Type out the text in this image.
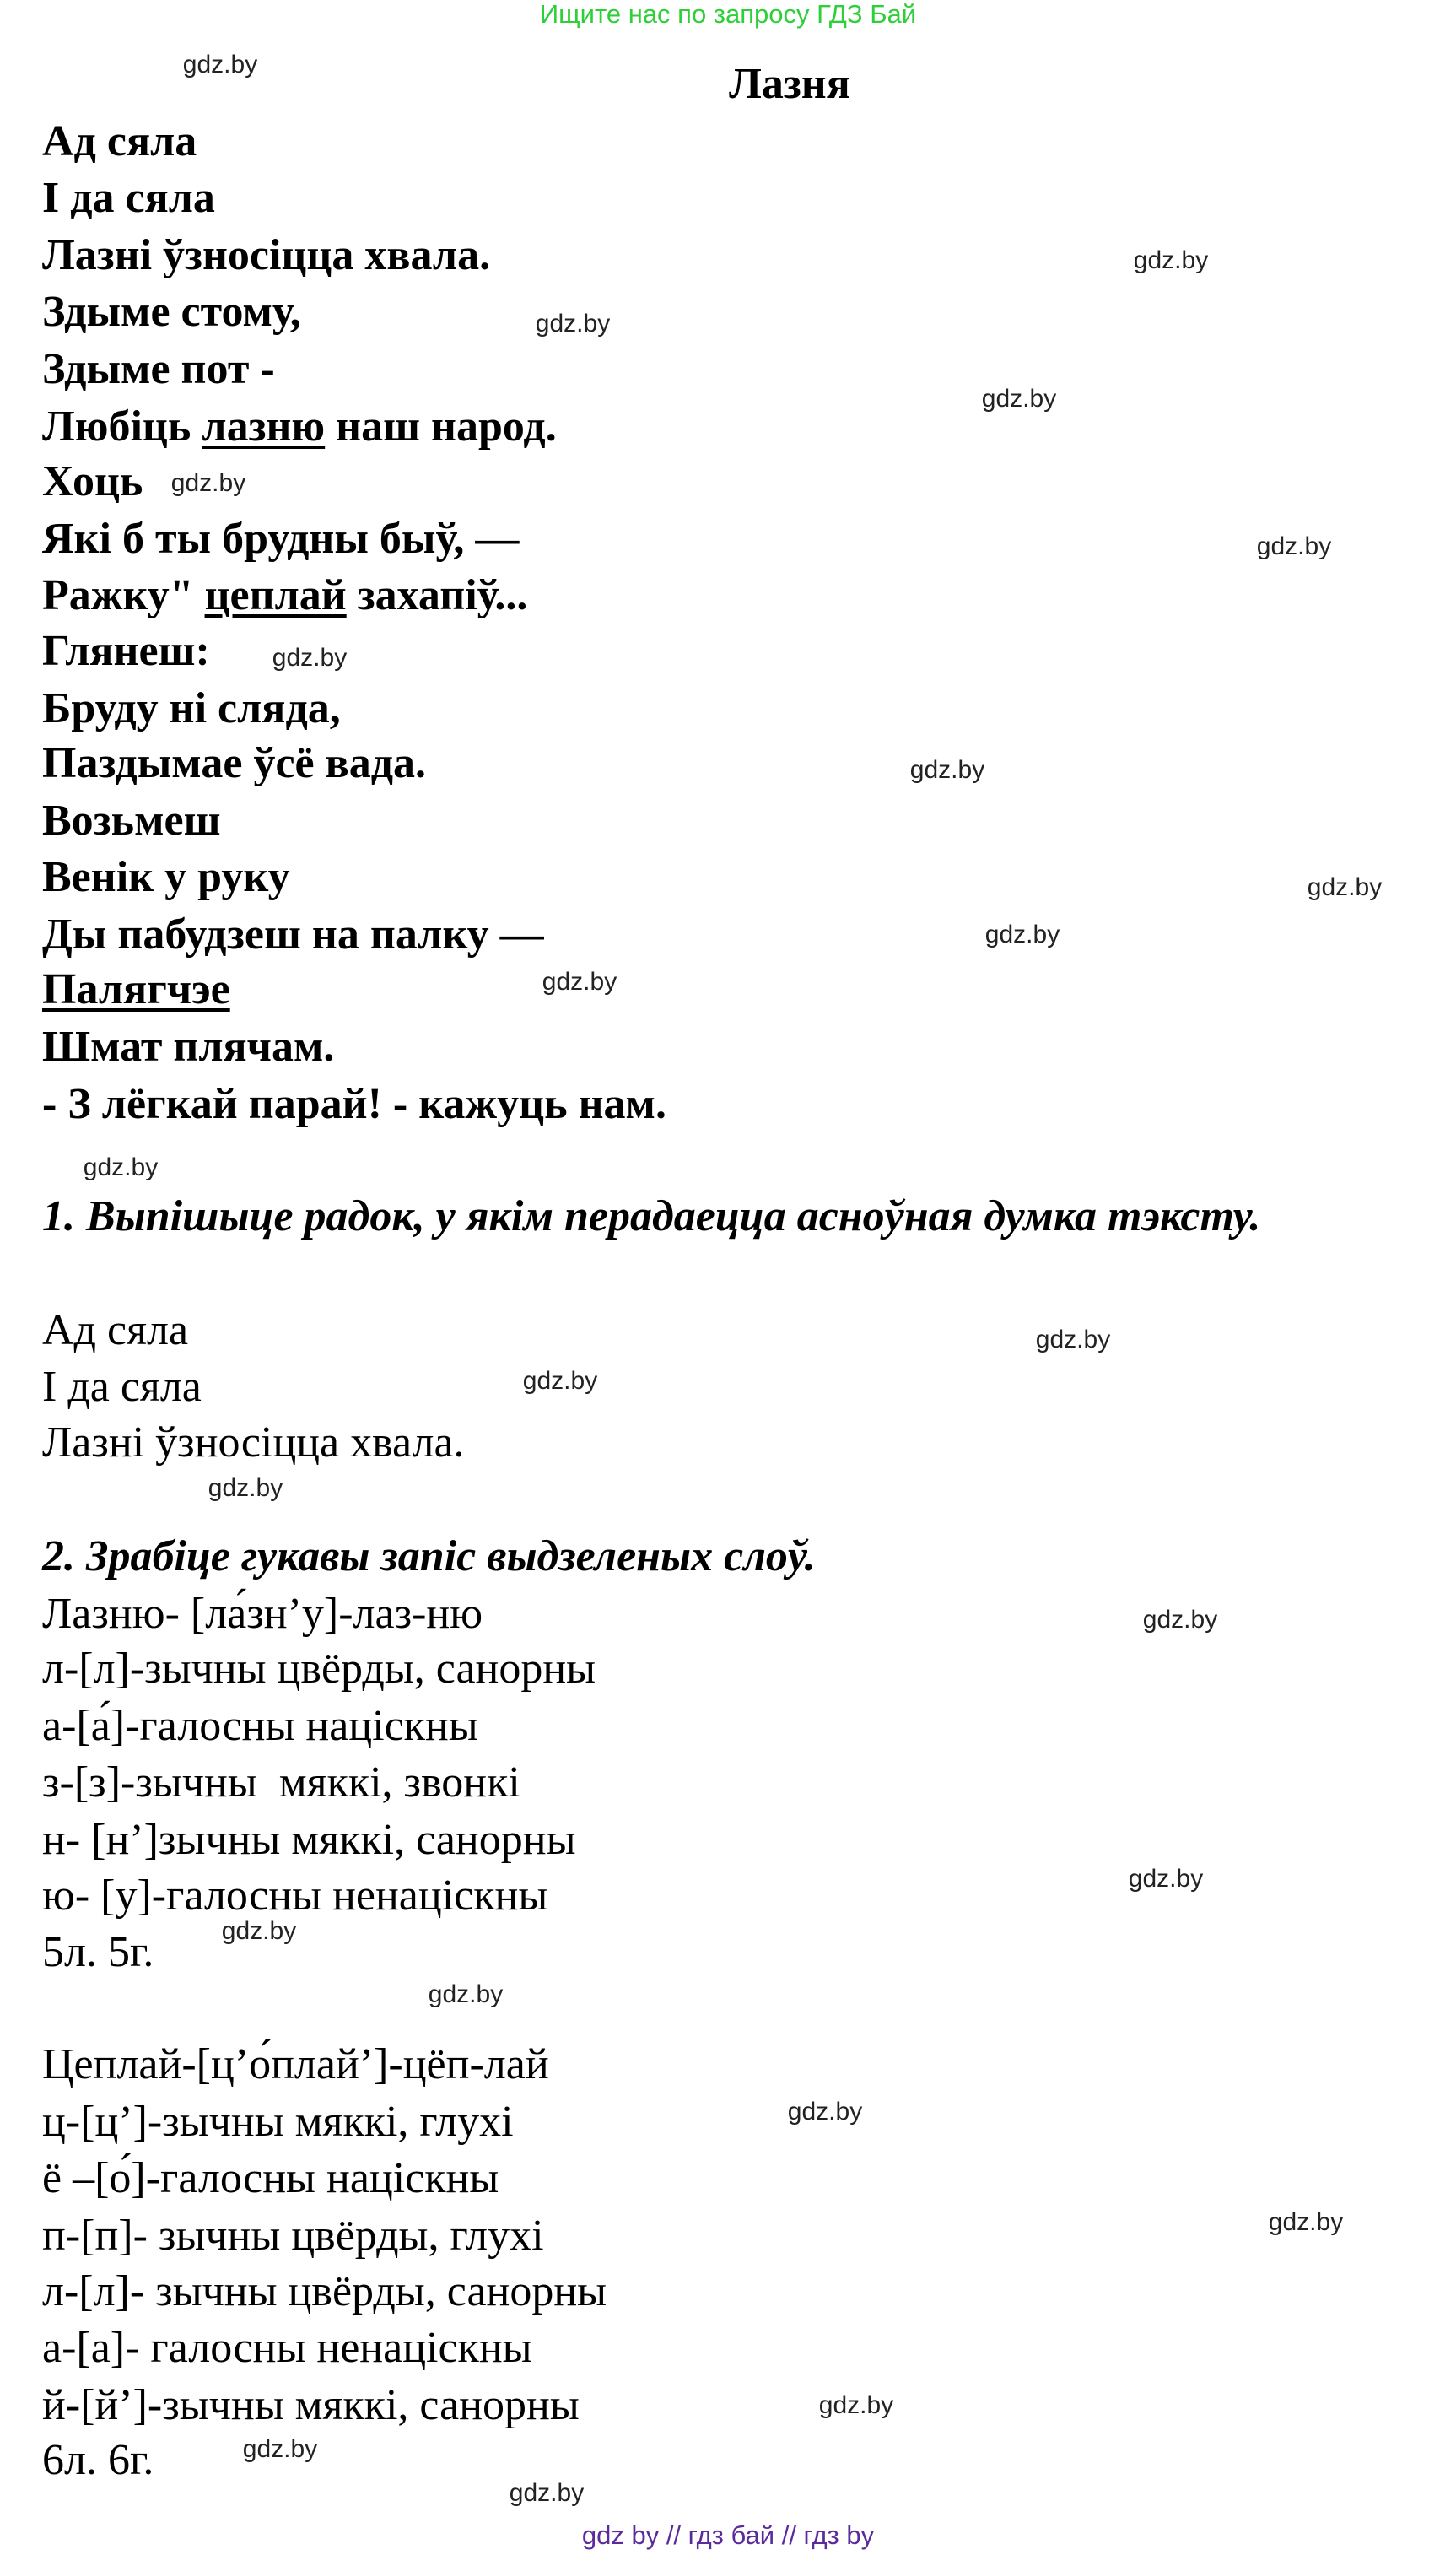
Ищите нас по запросу ГДЗ Бай
Лазня
Ад сяла
І да сяла
Лазні ўзносіцца хвала.
Здыме стому,
Здыме пот -
Любіць лазню наш народ.
Хоць
Які б ты брудны быў, —
Ражку" цеплай захапіў...
Глянеш:
Бруду ні сляда,
Паздымае ўсё вада.
Возьмеш
Венік у руку
Ды пабудзеш на палку —
Палягчэе
Шмат плячам.
- З лёгкай парай! - кажуць нам.
1. Выпішыце радок, у якім перадаецца асноўная думка тэксту.
Ад сяла
І да сяла
Лазні ўзносіцца хвала.
2. Зрабіце гукавы запіс выдзеленых слоў.
Лазню- [ла́зн’у]-лаз-ню
л-[л]-зычны цвёрды, санорны
а-[а́]-галосны націскны
з-[з]-зычны  мяккі, звонкі
н- [н’]зычны мяккі, санорны
ю- [у]-галосны ненаціскны
5л. 5г.
Цеплай-[ц’о́плай’]-цёп-лай
ц-[ц’]-зычны мяккі, глухі
ё –[о́]-галосны націскны
п-[п]- зычны цвёрды, глухі
л-[л]- зычны цвёрды, санорны
а-[а]- галосны ненаціскны
й-[й’]-зычны мяккі, санорны
6л. 6г.
gdz by // гдз бай // гдз by
gdz.by
gdz.by
gdz.by
gdz.by
gdz.by
gdz.by
gdz.by
gdz.by
gdz.by
gdz.by
gdz.by
gdz.by
gdz.by
gdz.by
gdz.by
gdz.by
gdz.by
gdz.by
gdz.by
gdz.by
gdz.by
gdz.by
gdz.by
gdz.by
